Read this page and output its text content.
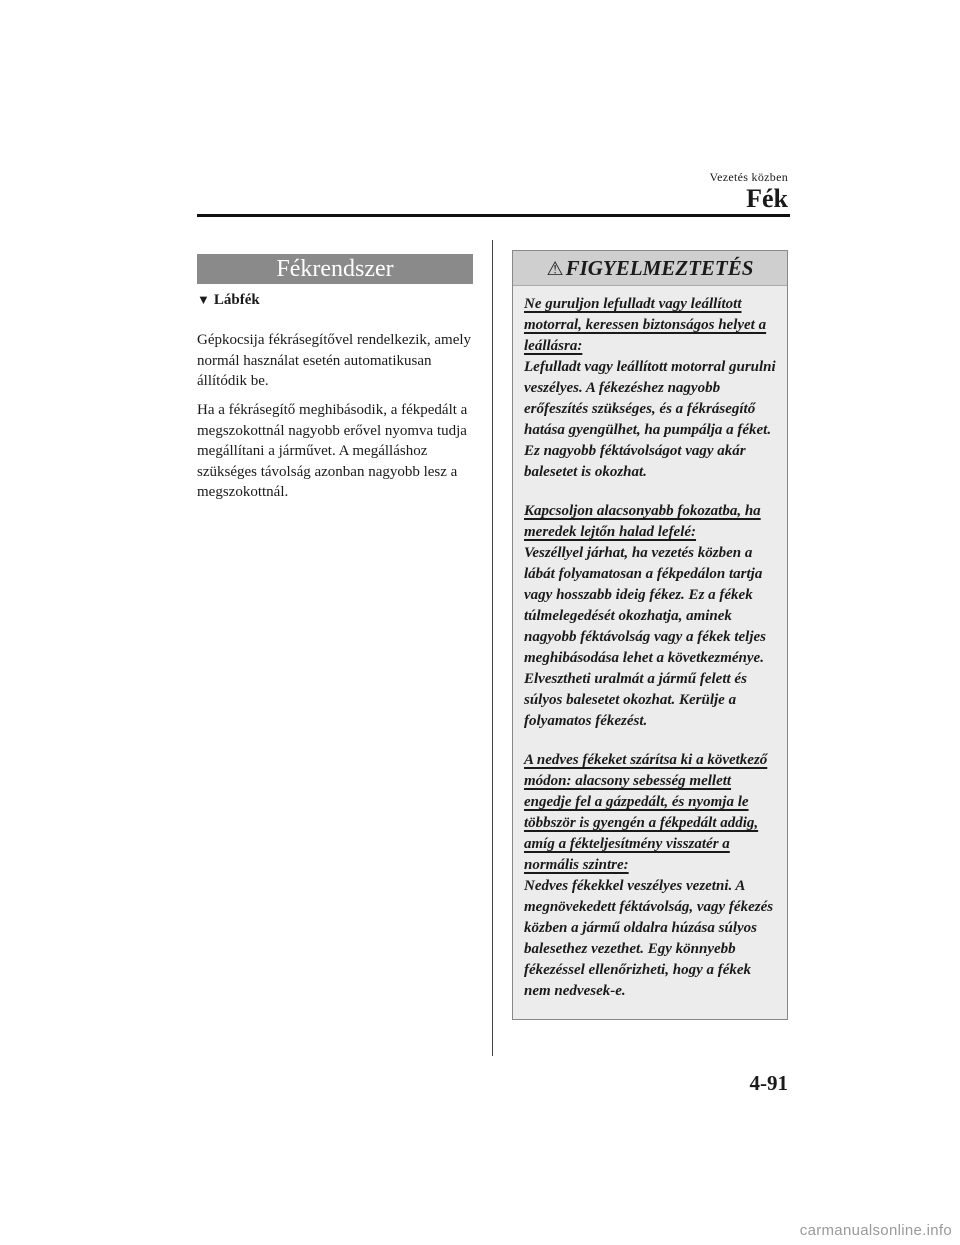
Vezetés közben
Fék
Fékrendszer
▼ Lábfék

Gépkocsija fékrásegítővel rendelkezik, amely normál használat esetén automatikusan állítódik be.

Ha a fékrásegítő meghibásodik, a fékpedált a megszokottnál nagyobb erővel nyomva tudja megállítani a járművet. A megálláshoz szükséges távolság azonban nagyobb lesz a megszokottnál.

⚠FIGYELMEZTETÉS
Ne guruljon lefulladt vagy leállított motorral, keressen biztonságos helyet a leállásra:
Lefulladt vagy leállított motorral gurulni veszélyes. A fékezéshez nagyobb erőfeszítés szükséges, és a fékrásegítő hatása gyengülhet, ha pumpálja a féket. Ez nagyobb féktávolságot vagy akár balesetet is okozhat.
Kapcsoljon alacsonyabb fokozatba, ha meredek lejtőn halad lefelé:
Veszéllyel járhat, ha vezetés közben a lábát folyamatosan a fékpedálon tartja vagy hosszabb ideig fékez. Ez a fékek túlmelegedését okozhatja, aminek nagyobb féktávolság vagy a fékek teljes meghibásodása lehet a következménye. Elvesztheti uralmát a jármű felett és súlyos balesetet okozhat. Kerülje a folyamatos fékezést.
A nedves fékeket szárítsa ki a következő módon: alacsony sebesség mellett engedje fel a gázpedált, és nyomja le többször is gyengén a fékpedált addig, amíg a fékteljesítmény visszatér a normális szintre:
Nedves fékekkel veszélyes vezetni. A megnövekedett féktávolság, vagy fékezés közben a jármű oldalra húzása súlyos balesethez vezethet. Egy könnyebb fékezéssel ellenőrizheti, hogy a fékek nem nedvesek-e.
4-91
carmanualsonline.info
